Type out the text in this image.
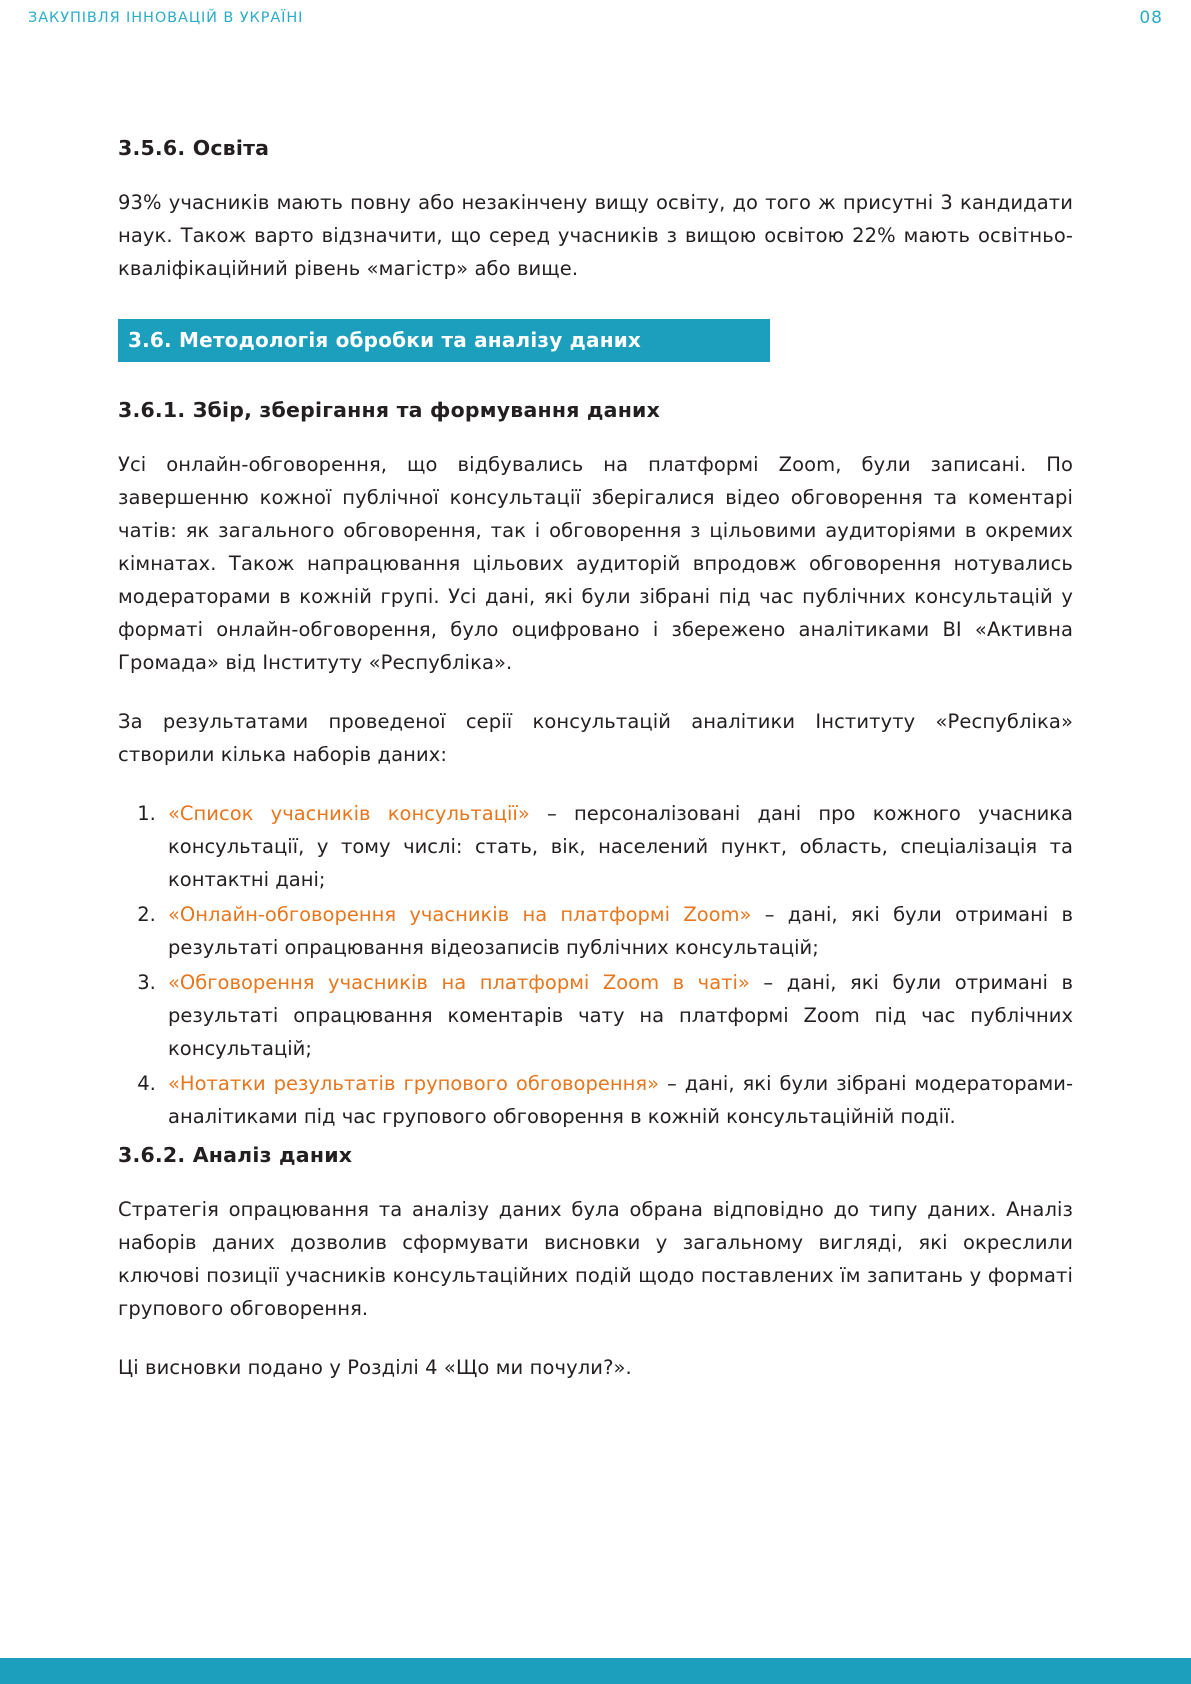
ЗАКУПІВЛЯ ІННОВАЦІЙ В УКРАЇНІ	08
3.5.6. Освіта

93% учасників мають повну або незакінчену вищу освіту, до того ж присутні 3 кандидати наук. Також варто відзначити, що серед учасників з вищою освітою 22% мають освітньо-кваліфікаційний рівень «магістр» або вище.

3.6. Методологія обробки та аналізу даних
3.6.1. Збір, зберігання та формування даних

Усі онлайн-обговорення, що відбувались на платформі Zoom, були записані. По завершенню кожної публічної консультації зберігалися відео обговорення та коментарі чатів: як загального обговорення, так і обговорення з цільовими аудиторіями в окремих кімнатах. Також напрацювання цільових аудиторій впродовж обговорення нотувались модераторами в кожній групі. Усі дані, які були зібрані під час публічних консультацій у форматі онлайн-обговорення, було оцифровано і збережено аналітиками BI «Активна Громада» від Інституту «Республіка».

За результатами проведеної серії консультацій аналітики Інституту «Республіка» створили кілька наборів даних:

1. «Список учасників консультації» – персоналізовані дані про кожного учасника консультації, у тому числі: стать, вік, населений пункт, область, спеціалізація та контактні дані;
2. «Онлайн-обговорення учасників на платформі Zoom» – дані, які були отримані в результаті опрацювання відеозаписів публічних консультацій;
3. «Обговорення учасників на платформі Zoom в чаті» – дані, які були отримані в результаті опрацювання коментарів чату на платформі Zoom під час публічних консультацій;
4. «Нотатки результатів групового обговорення» – дані, які були зібрані модераторами-аналітиками під час групового обговорення в кожній консультаційній події.
3.6.2. Аналіз даних

Стратегія опрацювання та аналізу даних була обрана відповідно до типу даних. Аналіз наборів даних дозволив сформувати висновки у загальному вигляді, які окреслили ключові позиції учасників консультаційних подій щодо поставлених їм запитань у форматі групового обговорення.

Ці висновки подано у Розділі 4 «Що ми почули?».
